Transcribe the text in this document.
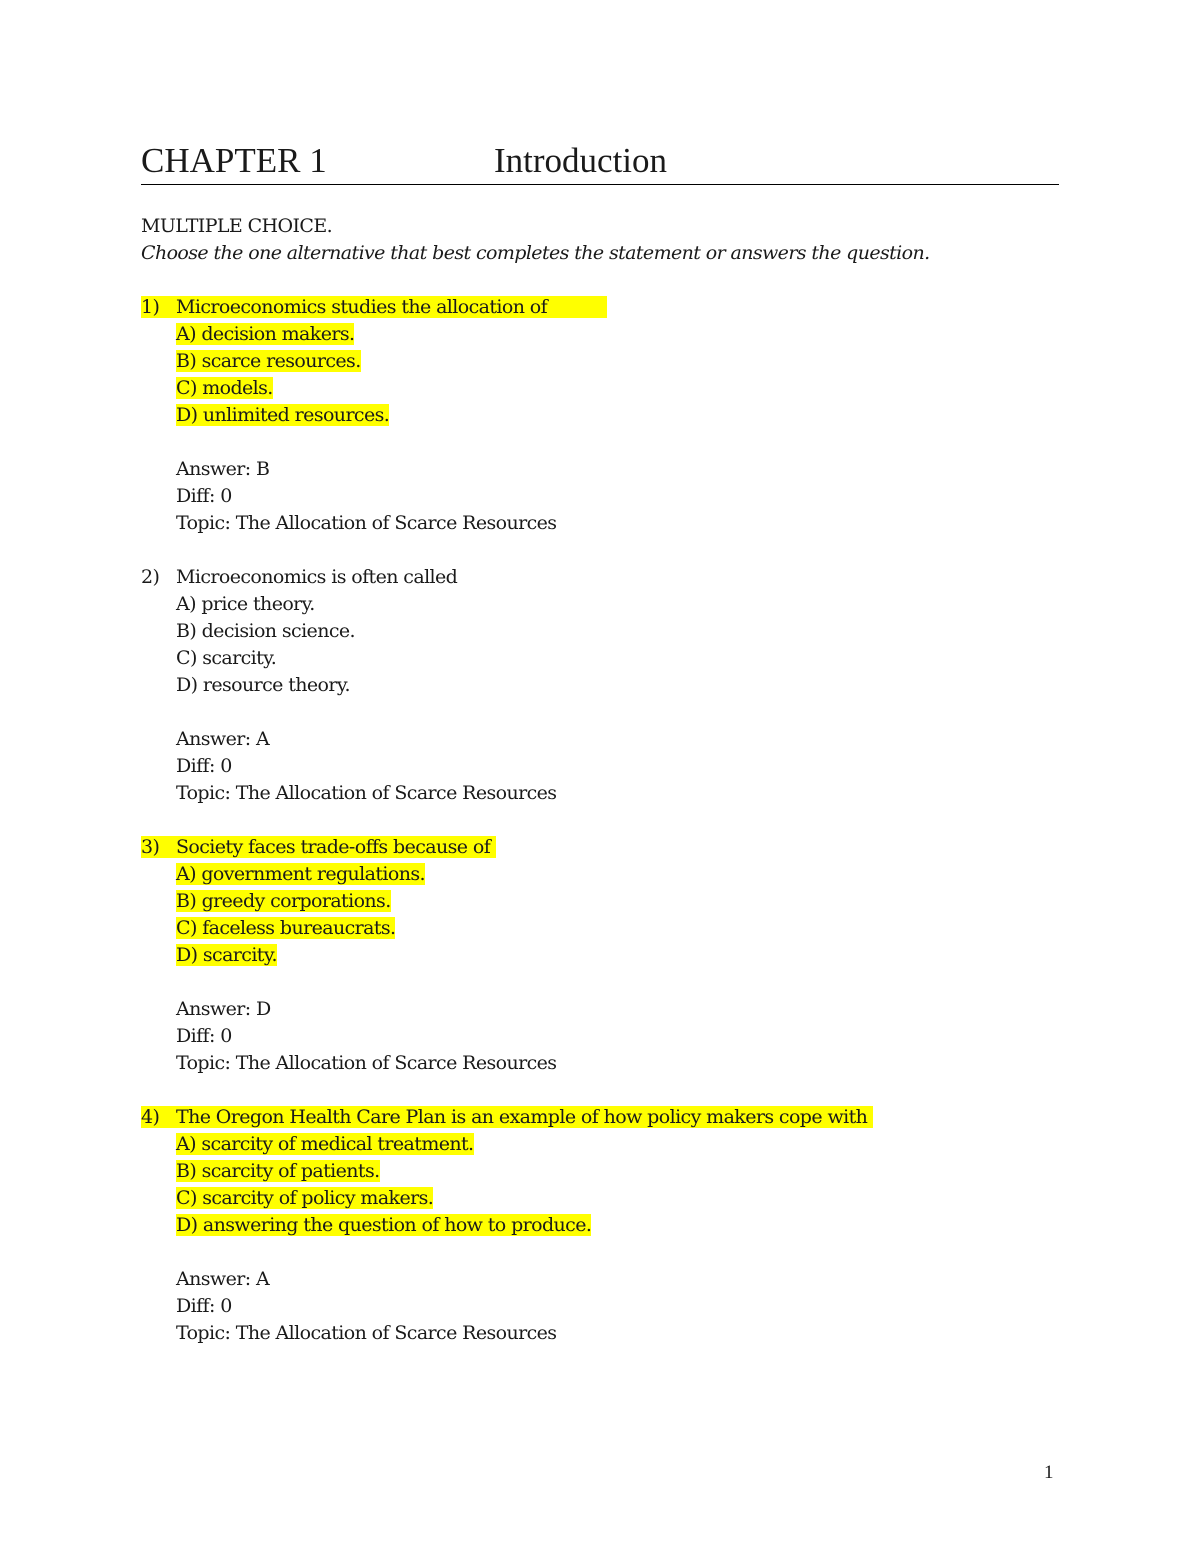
CHAPTER 1	Introduction
MULTIPLE CHOICE.
Choose the one alternative that best completes the statement or answers the question.
1) Microeconomics studies the allocation of
A) decision makers.
B) scarce resources.
C) models.
D) unlimited resources.
Answer: B
Diff: 0
Topic: The Allocation of Scarce Resources
2) Microeconomics is often called
A) price theory.
B) decision science.
C) scarcity.
D) resource theory.
Answer: A
Diff: 0
Topic: The Allocation of Scarce Resources
3) Society faces trade-offs because of
A) government regulations.
B) greedy corporations.
C) faceless bureaucrats.
D) scarcity.
Answer: D
Diff: 0
Topic: The Allocation of Scarce Resources
4) The Oregon Health Care Plan is an example of how policy makers cope with
A) scarcity of medical treatment.
B) scarcity of patients.
C) scarcity of policy makers.
D) answering the question of how to produce.
Answer: A
Diff: 0
Topic: The Allocation of Scarce Resources
1
